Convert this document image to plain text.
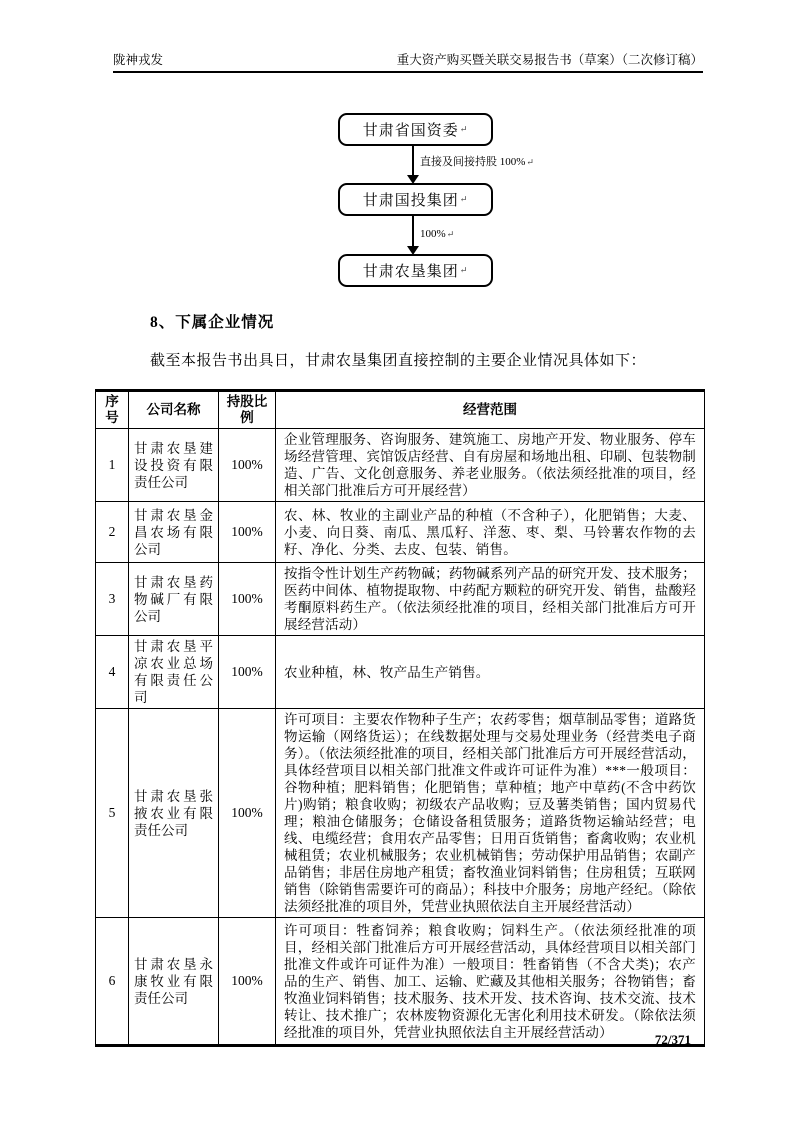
陇神戎发	重大资产购买暨关联交易报告书（草案）（二次修订稿）
甘肃省国资委 ↵
直接及间接持股 100%↵
甘肃国投集团 ↵
100%↵
甘肃农垦集团 ↵
8、下属企业情况
截至本报告书出具日，甘肃农垦集团直接控制的主要企业情况具体如下：
序号	公司名称	持股比例	经营范围
1	甘肃农垦建设投资有限责任公司	100%	企业管理服务、咨询服务、建筑施工、房地产开发、物业服务、停车场经营管理、宾馆饭店经营、自有房屋和场地出租、印刷、包装物制造、广告、文化创意服务、养老业服务。（依法须经批准的项目，经相关部门批准后方可开展经营）
2	甘肃农垦金昌农场有限公司	100%	农、林、牧业的主副业产品的种植（不含种子），化肥销售；大麦、小麦、向日葵、南瓜、黑瓜籽、洋葱、枣、梨、马铃薯农作物的去籽、净化、分类、去皮、包装、销售。
3	甘肃农垦药物碱厂有限公司	100%	按指令性计划生产药物碱；药物碱系列产品的研究开发、技术服务；医药中间体、植物提取物、中药配方颗粒的研究开发、销售，盐酸羟考酮原料药生产。（依法须经批准的项目，经相关部门批准后方可开展经营活动）
4	甘肃农垦平凉农业总场有限责任公司	100%	农业种植，林、牧产品生产销售。
5	甘肃农垦张掖农业有限责任公司	100%	许可项目：主要农作物种子生产；农药零售；烟草制品零售；道路货物运输（网络货运）；在线数据处理与交易处理业务（经营类电子商务）。（依法须经批准的项目，经相关部门批准后方可开展经营活动，具体经营项目以相关部门批准文件或许可证件为准）***一般项目：谷物种植；肥料销售；化肥销售；草种植；地产中草药(不含中药饮片)购销；粮食收购；初级农产品收购；豆及薯类销售；国内贸易代理；粮油仓储服务；仓储设备租赁服务；道路货物运输站经营；电线、电缆经营；食用农产品零售；日用百货销售；畜禽收购；农业机械租赁；农业机械服务；农业机械销售；劳动保护用品销售；农副产品销售；非居住房地产租赁；畜牧渔业饲料销售；住房租赁；互联网销售（除销售需要许可的商品）；科技中介服务；房地产经纪。（除依法须经批准的项目外，凭营业执照依法自主开展经营活动）
6	甘肃农垦永康牧业有限责任公司	100%	许可项目：牲畜饲养；粮食收购；饲料生产。（依法须经批准的项目，经相关部门批准后方可开展经营活动，具体经营项目以相关部门批准文件或许可证件为准）一般项目：牲畜销售（不含犬类)；农产品的生产、销售、加工、运输、贮藏及其他相关服务；谷物销售；畜牧渔业饲料销售；技术服务、技术开发、技术咨询、技术交流、技术转让、技术推广；农林废物资源化无害化利用技术研发。（除依法须经批准的项目外，凭营业执照依法自主开展经营活动）	72/371
